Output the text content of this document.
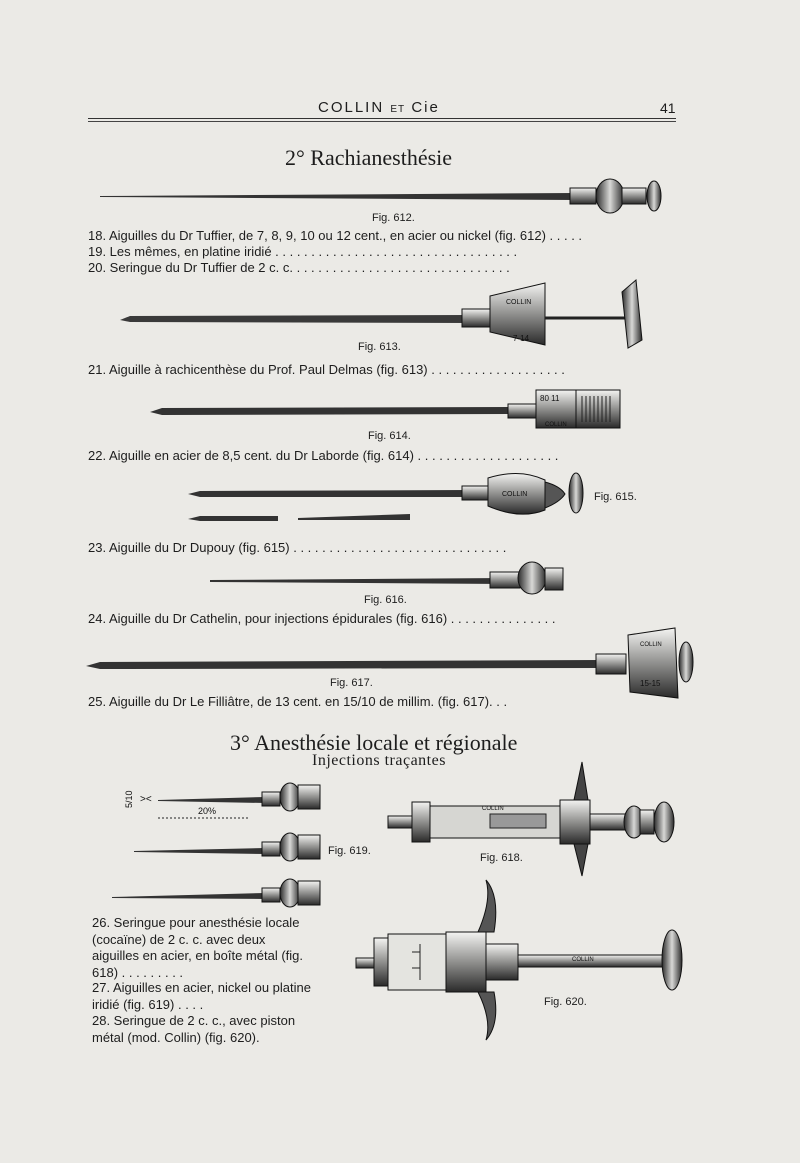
COLLIN ET Cie	41
2° Rachianesthésie
COLLIN
7-14
80 11
COLLIN
COLLIN
COLLIN
15-15
20%
5/10 ><
COLLIN
COLLIN
Fig. 612.
Fig. 613.
Fig. 614.
Fig. 615.
Fig. 616.
Fig. 617.
Fig. 618.
Fig. 619.
Fig. 620.
18. Aiguilles du Dr Tuffier, de 7, 8, 9, 10 ou 12 cent., en acier ou nickel (fig. 612) . . . . .
19. Les mêmes, en platine iridié . . . . . . . . . . . . . . . . . . . . . . . . . . . . . . . . . .
20. Seringue du Dr Tuffier de 2 c. c. . . . . . . . . . . . . . . . . . . . . . . . . . . . . . .
21. Aiguille à rachicenthèse du Prof. Paul Delmas (fig. 613) . . . . . . . . . . . . . . . . . . .
22. Aiguille en acier de 8,5 cent. du Dr Laborde (fig. 614) . . . . . . . . . . . . . . . . . . . .
23. Aiguille du Dr Dupouy (fig. 615) . . . . . . . . . . . . . . . . . . . . . . . . . . . . . .
24. Aiguille du Dr Cathelin, pour injections épidurales (fig. 616) . . . . . . . . . . . . . . .
25. Aiguille du Dr Le Filliâtre, de 13 cent. en 15/10 de millim. (fig. 617). . .
3° Anesthésie locale et régionale
Injections traçantes
26. Seringue pour anesthésie locale (cocaïne) de 2 c. c. avec deux aiguilles en acier, en boîte métal (fig. 618) . . . . . . . . .
27. Aiguilles en acier, nickel ou platine iridié (fig. 619) . . . .
28. Seringue de 2 c. c., avec piston métal (mod. Collin) (fig. 620).
